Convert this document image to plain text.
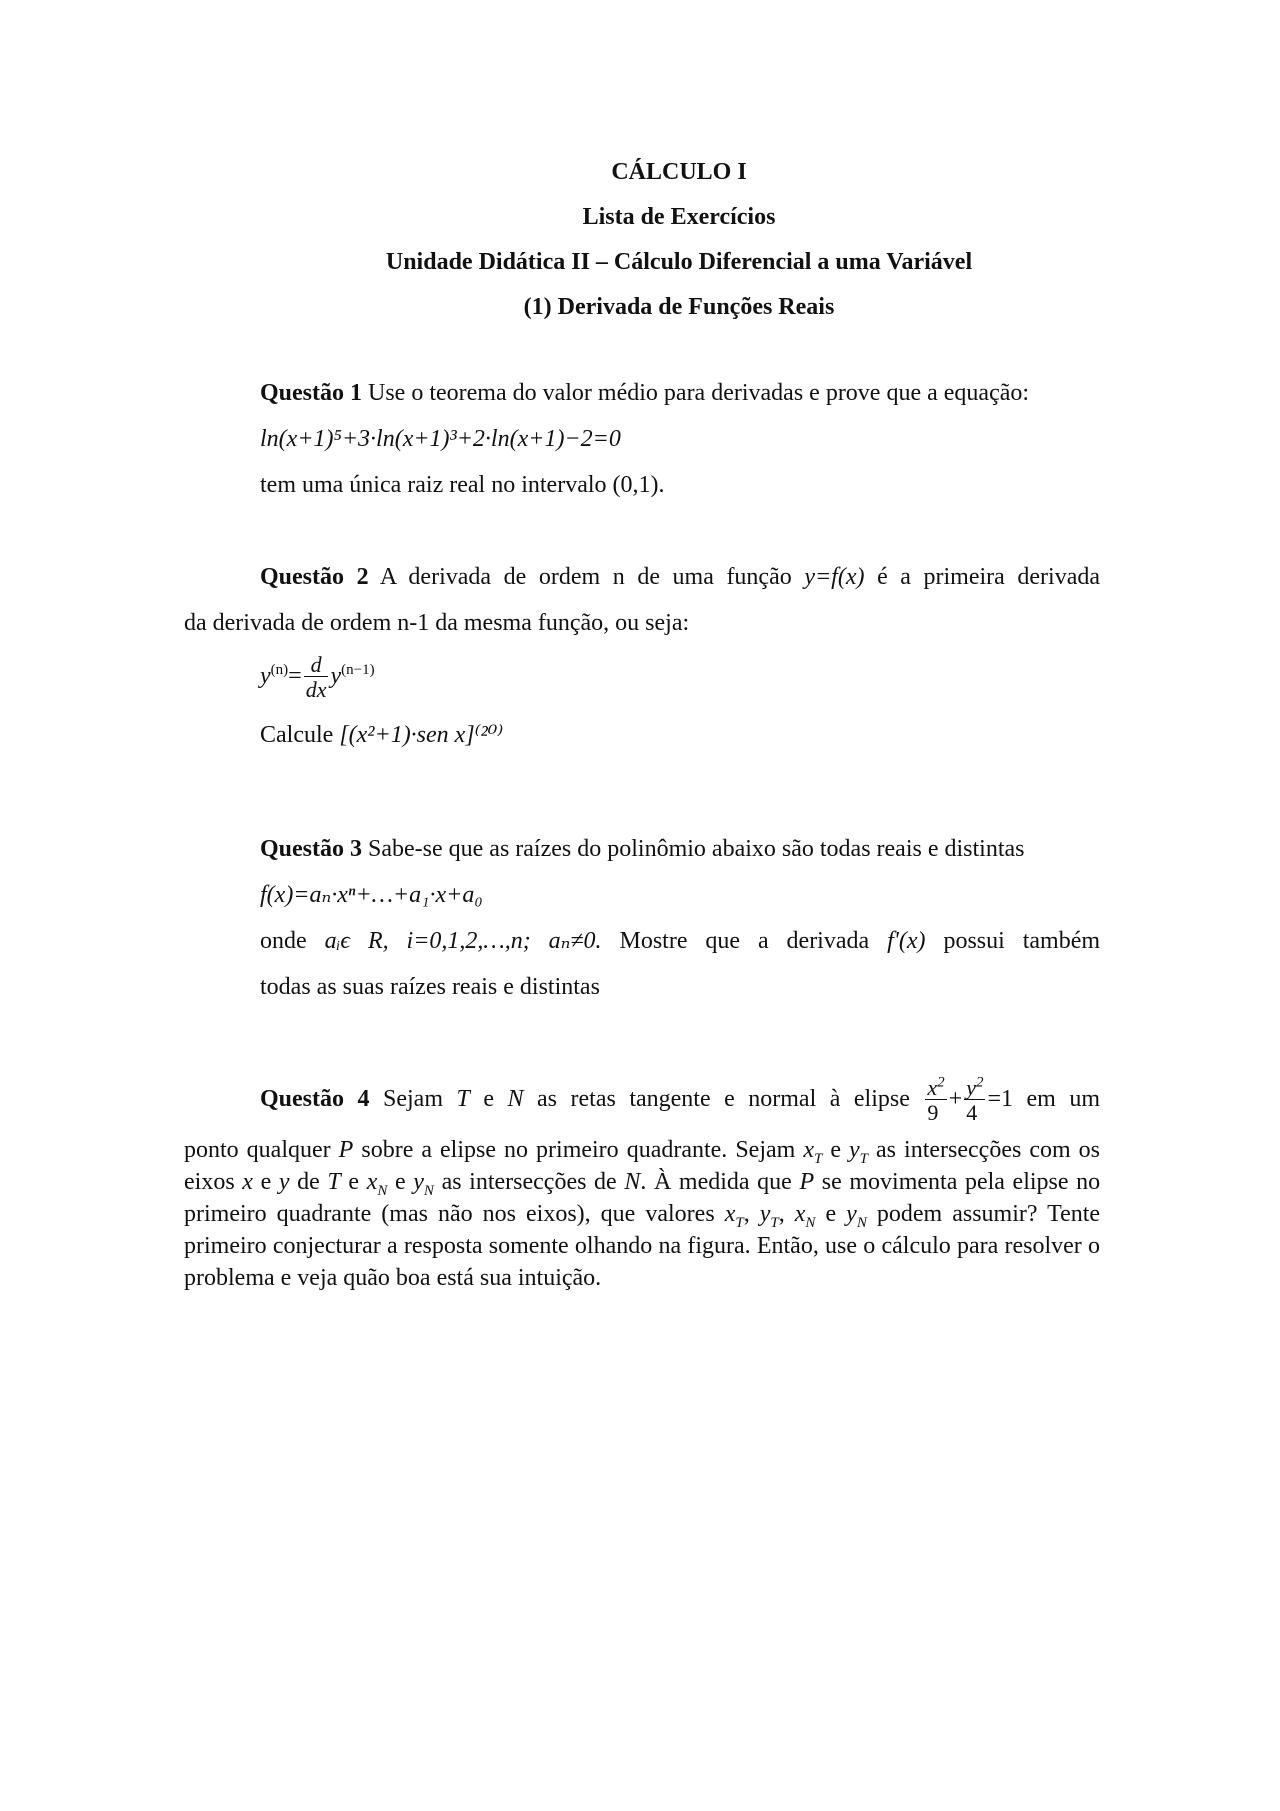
CÁLCULO I
Lista de Exercícios
Unidade Didática II – Cálculo Diferencial a uma Variável
(1) Derivada de Funções Reais
Questão 1 Use o teorema do valor médio para derivadas e prove que a equação:
ln(x+1)⁵+3·ln(x+1)³+2·ln(x+1)−2=0
tem uma única raiz real no intervalo (0,1).
Questão 2 A derivada de ordem n de uma função y=f(x) é a primeira derivada
da derivada de ordem n-1 da mesma função, ou seja:
$y^{(n)}= \frac{d}{dx} y^{(n-1)}$
Calcule [(x²+1)·sen x]⁽²⁰⁾
Questão 3 Sabe-se que as raízes do polinômio abaixo são todas reais e distintas
f(x)=aₙ·xⁿ+…+a₁·x+a₀
onde aᵢϵ R, i=0,1,2,…,n; aₙ≠0. Mostre que a derivada f'(x) possui também
todas as suas raízes reais e distintas
Questão 4 Sejam T e N as retas tangente e normal à elipse $\frac{x^2}{9} + \frac{y^2}{4} =1$ em um
ponto qualquer P sobre a elipse no primeiro quadrante. Sejam $x_T$ e $y_T$ as intersecções com os eixos x e y de T e $x_N$ e $y_N$ as intersecções de N. À medida que P se movimenta pela elipse no primeiro quadrante (mas não nos eixos), que valores $x_T$, $y_T$, $x_N$ e $y_N$ podem assumir? Tente primeiro conjecturar a resposta somente olhando na figura. Então, use o cálculo para resolver o problema e veja quão boa está sua intuição.
